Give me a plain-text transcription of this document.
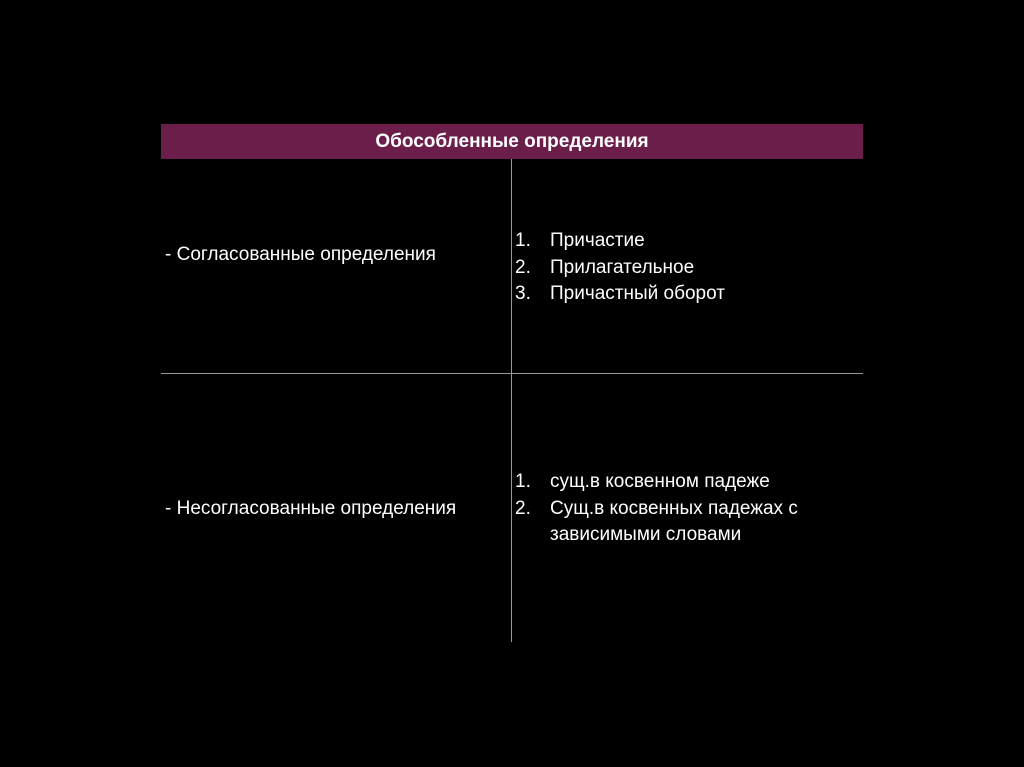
Обособленные определения
- Согласованные определения
1. Причастие
2. Прилагательное
3. Причастный оборот
- Несогласованные определения
1. сущ.в косвенном падеже
2. Сущ.в косвенных падежах с зависимыми словами
